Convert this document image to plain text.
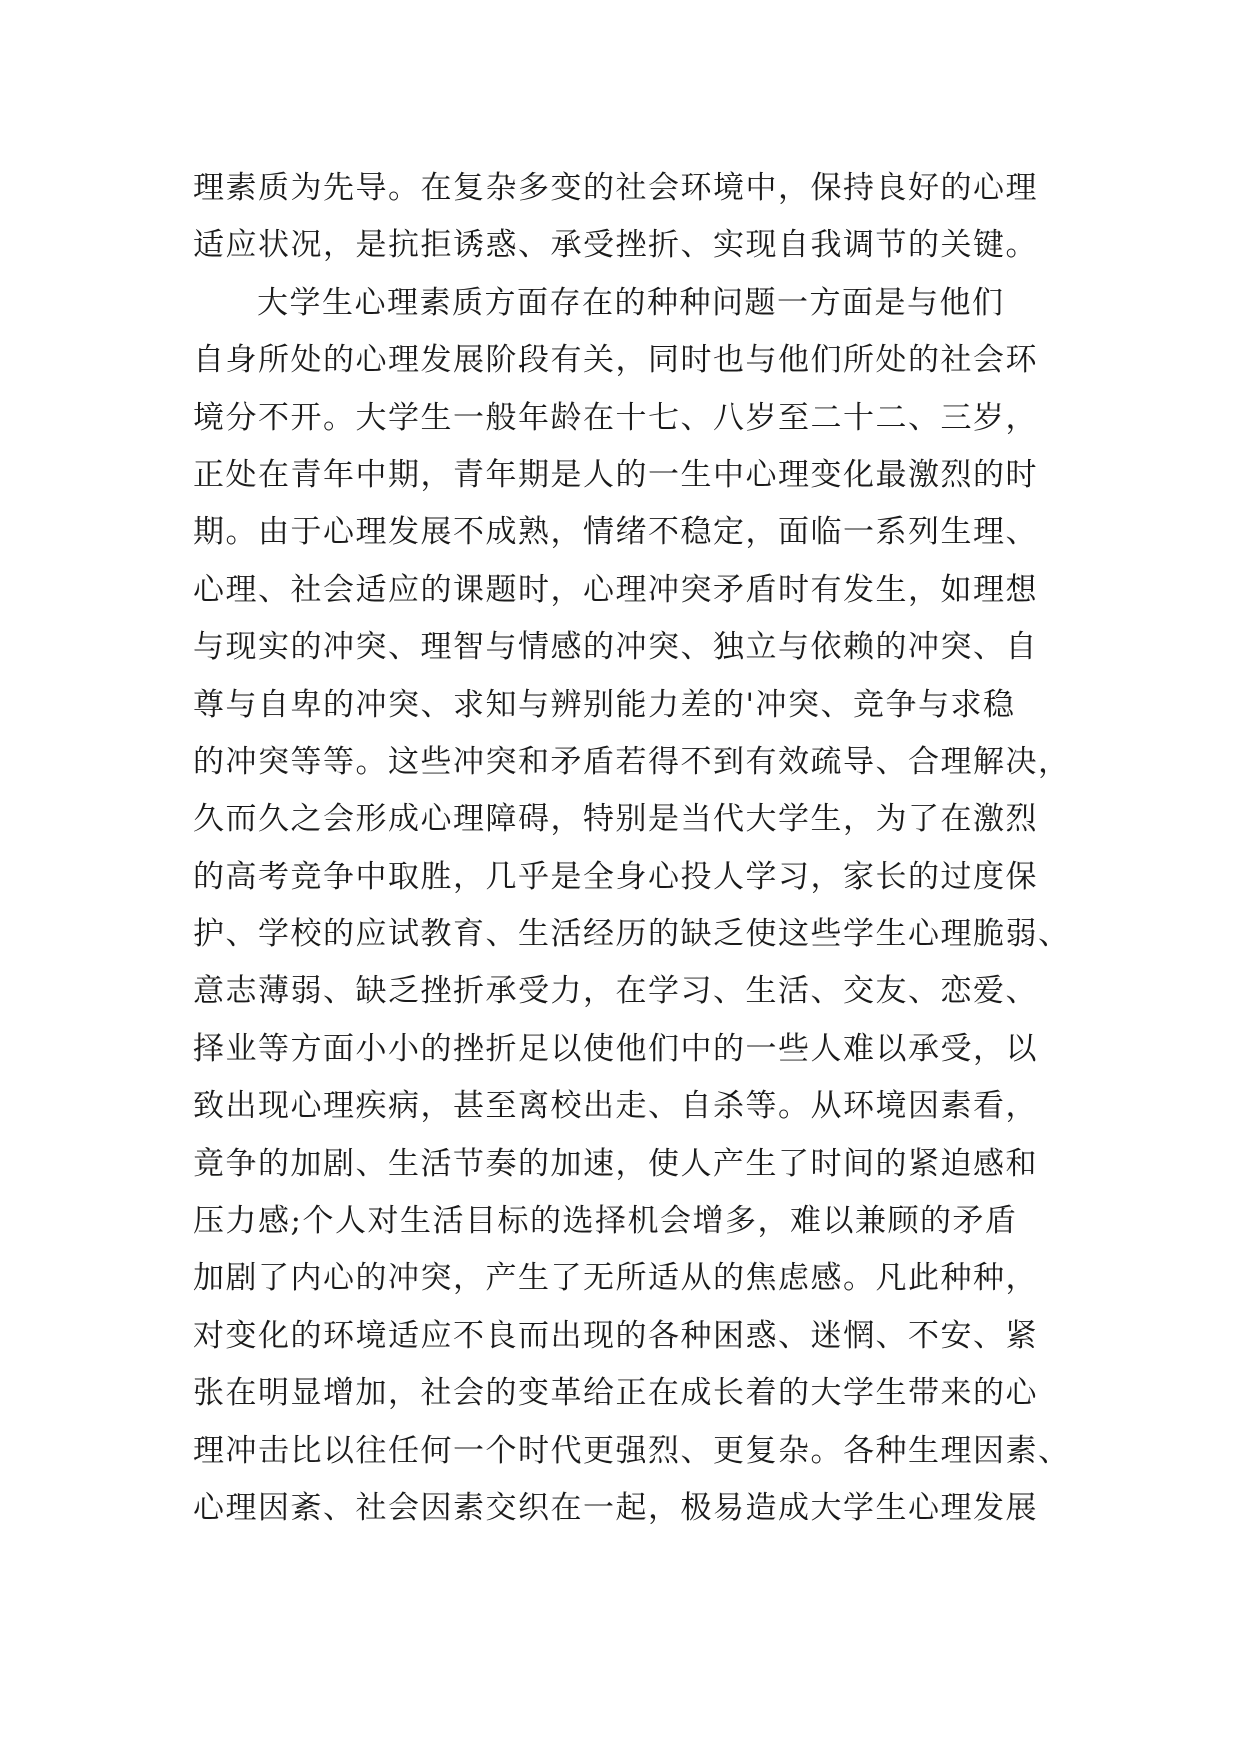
理素质为先导。在复杂多变的社会环境中，保持良好的心理
适应状况，是抗拒诱惑、承受挫折、实现自我调节的关键。
大学生心理素质方面存在的种种问题一方面是与他们
自身所处的心理发展阶段有关，同时也与他们所处的社会环
境分不开。大学生一般年龄在十七、八岁至二十二、三岁，
正处在青年中期，青年期是人的一生中心理变化最激烈的时
期。由于心理发展不成熟，情绪不稳定，面临一系列生理、
心理、社会适应的课题时，心理冲突矛盾时有发生，如理想
与现实的冲突、理智与情感的冲突、独立与依赖的冲突、自
尊与自卑的冲突、求知与辨别能力差的'冲突、竞争与求稳
的冲突等等。这些冲突和矛盾若得不到有效疏导、合理解决，
久而久之会形成心理障碍，特别是当代大学生，为了在激烈
的高考竞争中取胜，几乎是全身心投人学习，家长的过度保
护、学校的应试教育、生活经历的缺乏使这些学生心理脆弱、
意志薄弱、缺乏挫折承受力，在学习、生活、交友、恋爱、
择业等方面小小的挫折足以使他们中的一些人难以承受，以
致出现心理疾病，甚至离校出走、自杀等。从环境因素看，
竟争的加剧、生活节奏的加速，使人产生了时间的紧迫感和
压力感;个人对生活目标的选择机会增多，难以兼顾的矛盾
加剧了内心的冲突，产生了无所适从的焦虑感。凡此种种，
对变化的环境适应不良而出现的各种困惑、迷惘、不安、紧
张在明显增加，社会的变革给正在成长着的大学生带来的心
理冲击比以往任何一个时代更强烈、更复杂。各种生理因素、
心理因紊、社会因素交织在一起，极易造成大学生心理发展
